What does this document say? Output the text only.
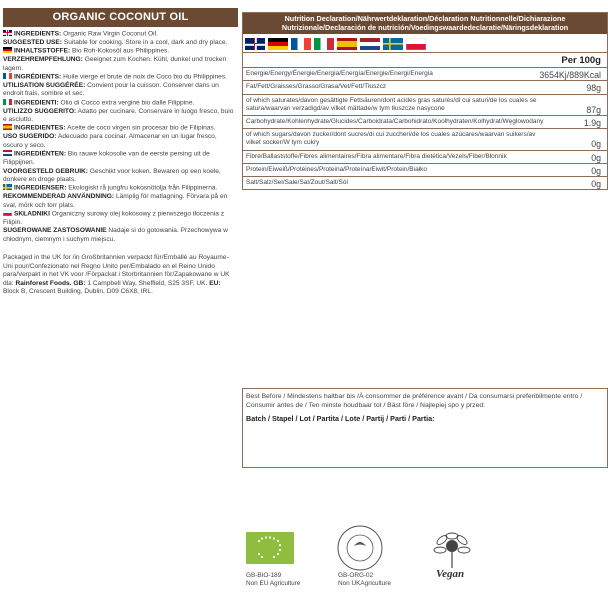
ORGANIC COCONUT OIL
INGREDIENTS: Organic Raw Virgin Coconut Oil.
SUGGESTED USE: Suitable for cooking. Store in a cool, dark and dry place.
INHALTSSTOFFE: Bio Roh-Kokosöl aus Philippines.
VERZEHREMPFEHLUNG: Geeignet zum Kochen. Kühl, dunkel und trocken lagern.
INGRÉDIENTS: Huile vierge et brute de noix de Coco bio du Philippines.
UTILISATION SUGGÉRÉE: Convient pour la cuisson. Conserver dans un endroit frais, sombre et sec.
INGREDIENTI: Olio di Cocco extra vergine bio dalle Filippine.
UTILIZZO SUGGERITO: Adatto per cucinare. Conservare in luogo fresco, buio e asciutto.
INGREDIENTES: Aceite de coco virgen sin procesar bio de Filipinas.
USO SUGERIDO: Adecuado para cocinar. Almacenar en un lugar fresco, oscuro y seco.
INGREDIËNTEN: Bio rauwe kokosolie van de eerste persing uit de Filippijnen.
VOORGESTELD GEBRUIK: Geschikt voor koken. Bewaren op een koele, donkere en droge plaats.
INGREDIENSER: Ekologiskt rå jungfru kokosnötolja från Filippinerna.
REKOMMENDERAD ANVÄNDNING: Lämplig för matlagning. Förvara på en sval, mörk och torr plats.
SKŁADNIKI Organiczny surowy olej kokosowy z pierwszego tłoczenia z Filipin.
SUGEROWANE ZASTOSOWANIE Nadaje si do gotowania. Przechowywa w chłodnym, ciemnym i suchym miejscu.
Packaged in the UK for /in Großbritannien verpackt für/Emballé au Royaume-Uni pour/Confezionato nel Regno Unito per/Embalado en el Reino Unido para/Verpakt in het VK voor /Förpackat i Storbritannien för/Zapakowane w UK dla: Rainforest Foods. GB: 1 Campbell Way, Sheffield, S25 3SF, UK. EU: Block B, Crescent Building, Dublin, D09 C6X8, IRL.
Nutrition Declaration/Nährwertdeklaration/Déclaration Nutritionnelle/Dichiarazione Nutrizionale/Declaración de nutrición/Voedingswaardedeclaratie/Näringsdeklaration
Per 100g
Energie/Energy/Énergie/Energia/Energía/Energie/Energi/Energia	3654Kj/889Kcal
Fat/Fett/Graisses/Grasso/Grasa/Vet/Fett/Tłuszcz	98g
of which saturates/davon gesättigte Fettsäuren/dont acides gras saturés/di cui saturi/de los cuales se satura/waarvan verzadigd/av vilket mättade/w tym tłuszcze nasycone	87g
Carbohydrate/Kohlenhydrate/Glucides/Carboidrata/Carbohidrato/Koolhydraten/Kolhydrat/Węglowodany	1.9g
of which sugars/davon zucker/dont sucres/di cui zuccheri/de los cuales azúcares/waarvan suikers/av vilket socker/W tym cukry	0g
Fibre/Ballaststoffe/Fibres alimentaires/Fibra alimentare/Fibra dietética/Vezels/Fiber/Błonnik	0g
Protein/Eiweiß/Protéines/Proteina/Proteína/Eiwit/Protein/Białko	0g
Salt/Salz/Sel/Sale/Sal/Zout/Salt/Sól	0g
Best Before / Mindestens haltbar bis /À consommer de préférence avant / Da consumarsi preferibilmente entro / Consumir antes de / Ten minste houdbaar tot / Bäst före / Najlepiej spo y przed:
Batch / Stapel / Lot / Partita / Lote / Partij / Parti / Partia:
GB-BIO-189
Non EU Agriculture
GB-ORG-02
Non UKAgriculture
Vegan
